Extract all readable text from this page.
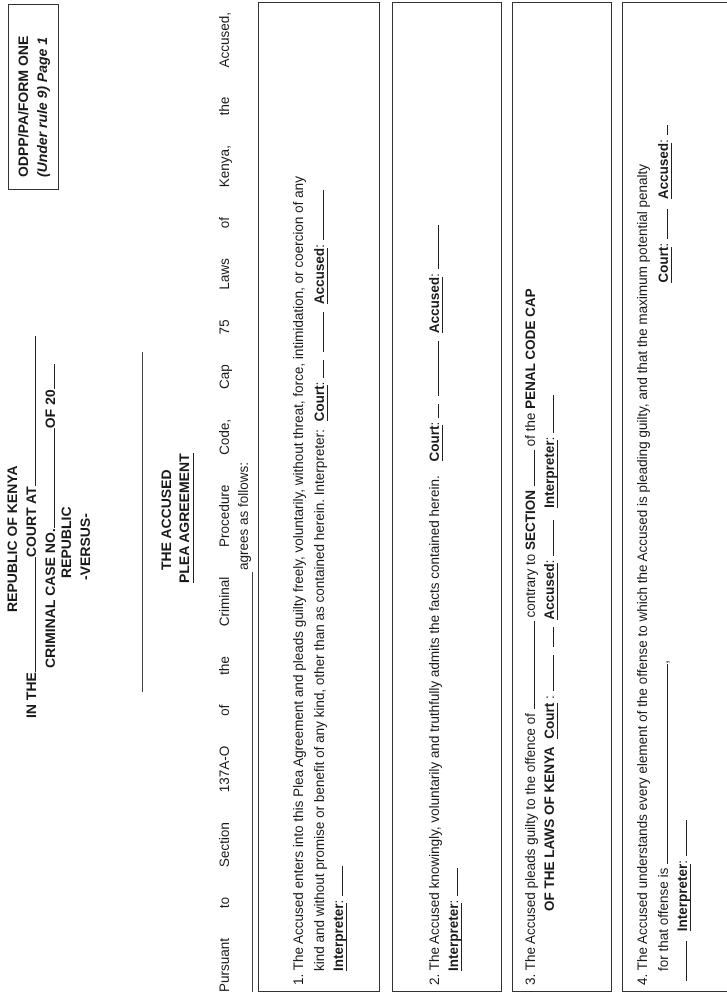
ODPP/PA/FORM ONE (Under rule 9) Page 1
REPUBLIC OF KENYA
IN THECOURT AT
CRIMINAL CASE NO.OF 20
REPUBLIC -VERSUS-	THE ACCUSED PLEA AGREEMENT Pursuant to Section 137A-O of the Criminal Procedure Code, Cap 75 Laws of Kenya, the Accused, agrees as follows:	1. The Accused enters into this Plea Agreement and pleads guilty freely, voluntarily, without threat, force, intimidation, or coercion of any kind and without promise or benefit of any kind, other than as contained herein. Interpreter: Court:  Accused:
Interpreter:	2. The Accused knowingly, voluntarily and truthfully admits the facts contained herein. Court:  Accused:
Interpreter:	3. The Accused pleads guilty to the offence of  contrary to SECTION  of the PENAL CODE CAP
OF THE LAWS OF KENYA Court :  Accused: Interpreter:	4. The Accused understands every element of the offense to which the Accused is pleading guilty, and that the maximum potential penalty for that offense is ,  Court: Accused:
Interpreter:
